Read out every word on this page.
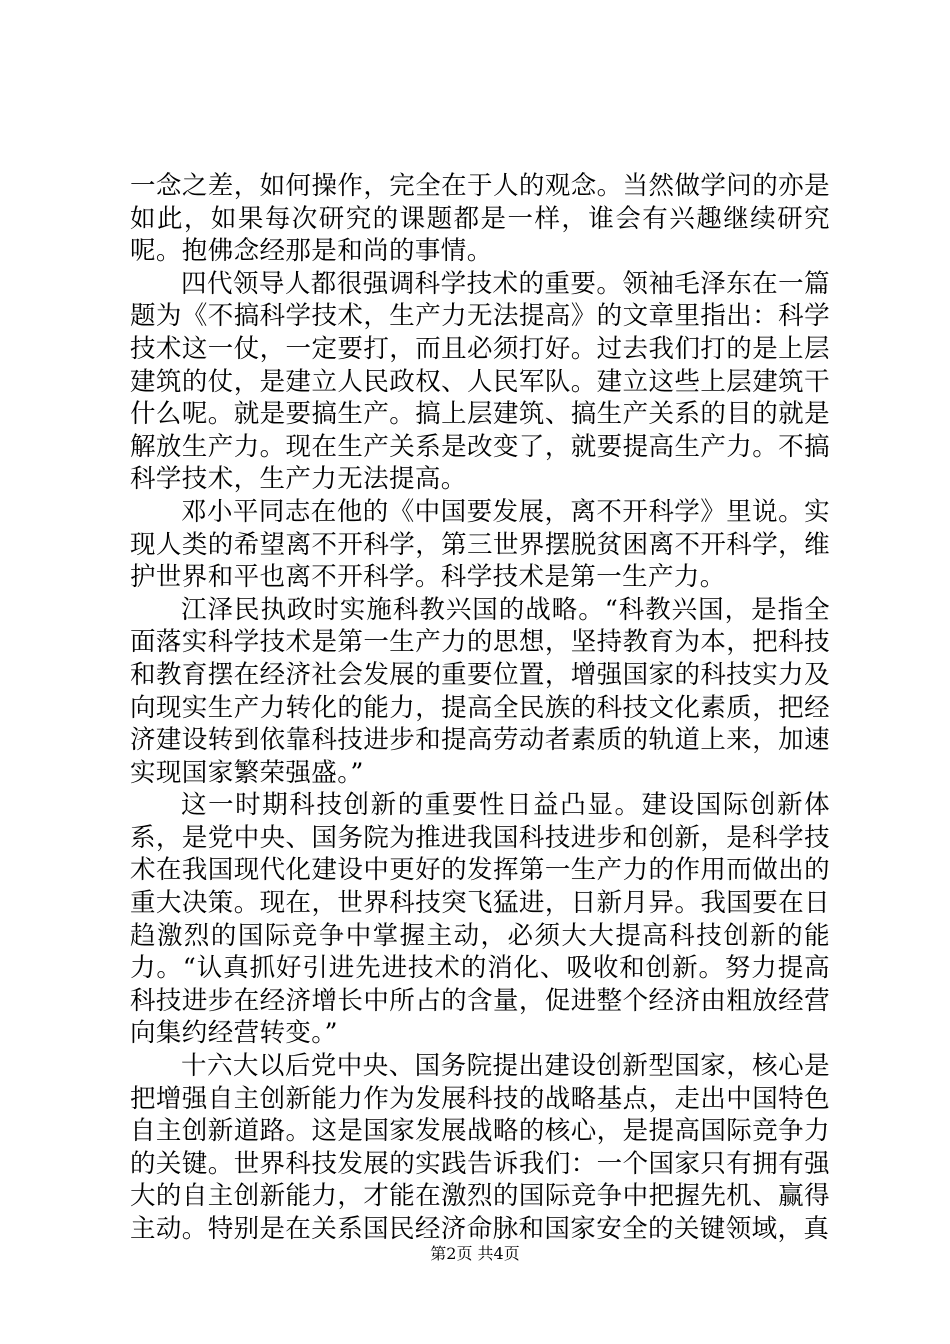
一念之差，如何操作，完全在于人的观念。当然做学问的亦是如此，如果每次研究的课题都是一样，谁会有兴趣继续研究呢。抱佛念经那是和尚的事情。

四代领导人都很强调科学技术的重要。领袖毛泽东在一篇题为《不搞科学技术，生产力无法提高》的文章里指出：科学技术这一仗，一定要打，而且必须打好。过去我们打的是上层建筑的仗，是建立人民政权、人民军队。建立这些上层建筑干什么呢。就是要搞生产。搞上层建筑、搞生产关系的目的就是解放生产力。现在生产关系是改变了，就要提高生产力。不搞科学技术，生产力无法提高。

邓小平同志在他的《中国要发展，离不开科学》里说。实现人类的希望离不开科学，第三世界摆脱贫困离不开科学，维护世界和平也离不开科学。科学技术是第一生产力。

江泽民执政时实施科教兴国的战略。“科教兴国，是指全面落实科学技术是第一生产力的思想，坚持教育为本，把科技和教育摆在经济社会发展的重要位置，增强国家的科技实力及向现实生产力转化的能力，提高全民族的科技文化素质，把经济建设转到依靠科技进步和提高劳动者素质的轨道上来，加速实现国家繁荣强盛。”

这一时期科技创新的重要性日益凸显。建设国际创新体系，是党中央、国务院为推进我国科技进步和创新，是科学技术在我国现代化建设中更好的发挥第一生产力的作用而做出的重大决策。现在，世界科技突飞猛进，日新月异。我国要在日趋激烈的国际竞争中掌握主动，必须大大提高科技创新的能力。“认真抓好引进先进技术的消化、吸收和创新。努力提高科技进步在经济增长中所占的含量，促进整个经济由粗放经营向集约经营转变。”

十六大以后党中央、国务院提出建设创新型国家，核心是把增强自主创新能力作为发展科技的战略基点，走出中国特色自主创新道路。这是国家发展战略的核心，是提高国际竞争力的关键。世界科技发展的实践告诉我们：一个国家只有拥有强大的自主创新能力，才能在激烈的国际竞争中把握先机、赢得主动。特别是在关系国民经济命脉和国家安全的关键领域，真

第2页 共4页
